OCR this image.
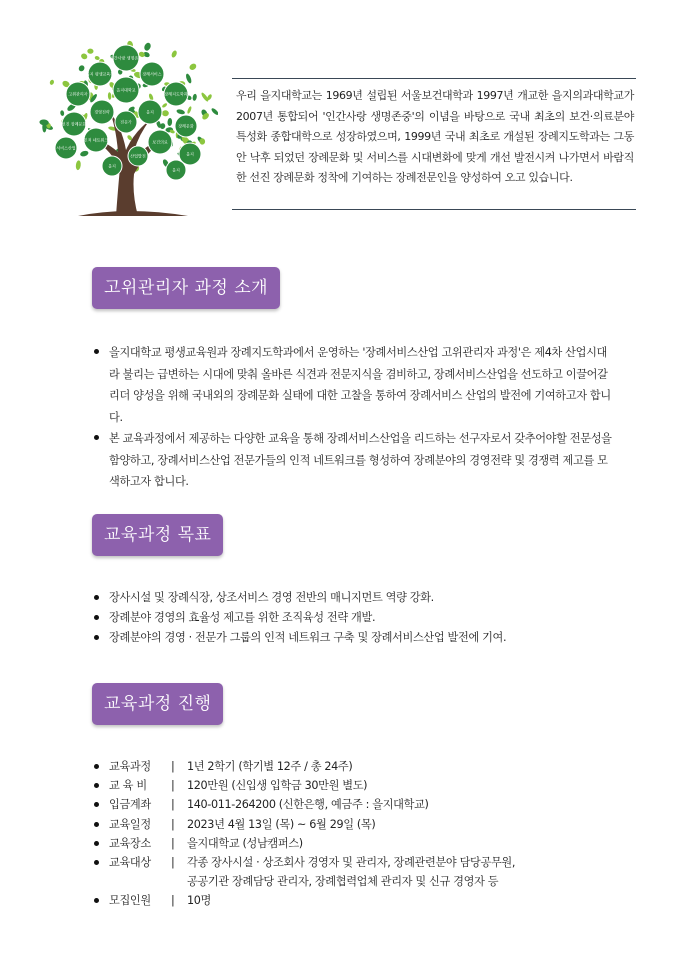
인간사랑 생명존중
을지 평생교육원	장례서비스
고위관리자
을지대학교
장례지도학과
경영전략	을지
선진 장례문화	장례문화
전문가
인적 네트워크	보건의료
서비스산업
을지
산업발전
을지
을지

우리 을지대학교는 1969년 설립된 서울보건대학과 1997년 개교한 을지의과대학교가 2007년 통합되어 '인간사랑 생명존중'의 이념을 바탕으로 국내 최초의 보건·의료분야 특성화 종합대학으로 성장하였으며, 1999년 국내 최초로 개설된 장례지도학과는 그동안 낙후 되었던 장례문화 및 서비스를 시대변화에 맞게 개선 발전시켜 나가면서 바람직한 선진 장례문화 정착에 기여하는 장례전문인을 양성하여 오고 있습니다.

고위관리자 과정 소개
을지대학교 평생교육원과 장례지도학과에서 운영하는 '장례서비스산업 고위관리자 과정'은 제4차 산업시대라 불리는 급변하는 시대에 맞춰 올바른 식견과 전문지식을 겸비하고, 장례서비스산업을 선도하고 이끌어갈 리더 양성을 위해 국내외의 장례문화 실태에 대한 고찰을 통하여 장례서비스 산업의 발전에 기여하고자 합니다.
본 교육과정에서 제공하는 다양한 교육을 통해 장례서비스산업을 리드하는 선구자로서 갖추어야할 전문성을 함양하고, 장례서비스산업 전문가들의 인적 네트워크를 형성하여 장례분야의 경영전략 및 경쟁력 제고를 모색하고자 합니다.
교육과정 목표
장사시설 및 장례식장, 상조서비스 경영 전반의 매니지먼트 역량 강화.
장례분야 경영의 효율성 제고를 위한 조직육성 전략 개발.
장례분야의 경영 · 전문가 그룹의 인적 네트워크 구축 및 장례서비스산업 발전에 기여.
교육과정 진행
교육과정 | 1년 2학기 (학기별 12주 / 총 24주)
교 육 비 | 120만원 (신입생 입학금 30만원 별도)
입금계좌 | 140-011-264200 (신한은행, 예금주 : 을지대학교)
교육일정 | 2023년 4월 13일 (목) ~ 6월 29일 (목)
교육장소 | 을지대학교 (성남캠퍼스)
교육대상 | 각종 장사시설 · 상조회사 경영자 및 관리자, 장례관련분야 담당공무원,
공공기관 장례담당 관리자, 장례협력업체 관리자 및 신규 경영자 등
모집인원 | 10명
